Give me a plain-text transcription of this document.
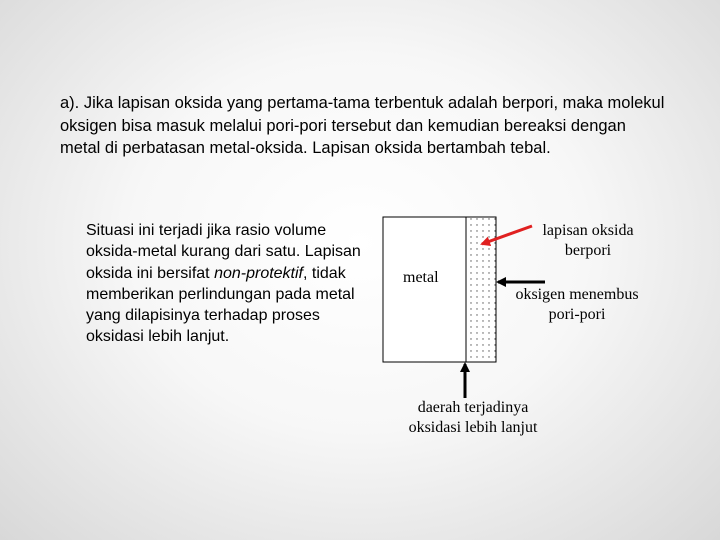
a). Jika lapisan oksida yang pertama-tama terbentuk adalah berpori, maka molekul oksigen bisa masuk melalui pori-pori tersebut dan kemudian bereaksi dengan metal di perbatasan metal-oksida. Lapisan oksida bertambah tebal.

Situasi ini terjadi jika rasio volume oksida-metal kurang dari satu. Lapisan oksida ini bersifat non-protektif, tidak memberikan perlindungan pada metal yang dilapisinya terhadap proses oksidasi lebih lanjut.

metal
lapisan oksida
berpori
oksigen menembus
pori-pori
daerah terjadinya
oksidasi lebih lanjut
